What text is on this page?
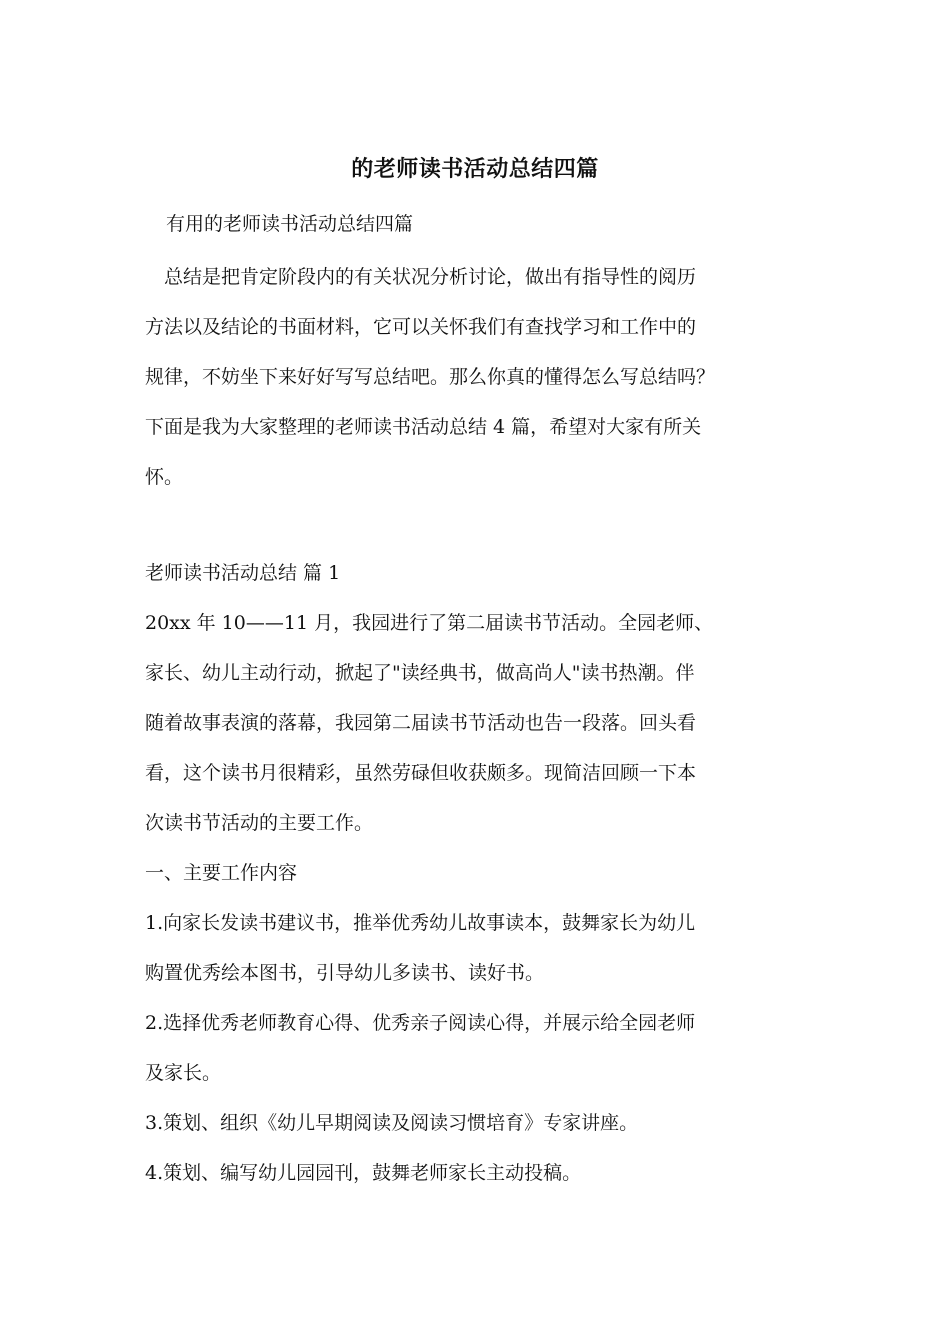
的老师读书活动总结四篇
有用的老师读书活动总结四篇
　总结是把肯定阶段内的有关状况分析讨论，做出有指导性的阅历
方法以及结论的书面材料，它可以关怀我们有查找学习和工作中的
规律，不妨坐下来好好写写总结吧。那么你真的懂得怎么写总结吗？
下面是我为大家整理的老师读书活动总结 4 篇，希望对大家有所关
怀。
老师读书活动总结 篇 1
20xx 年 10——11 月，我园进行了第二届读书节活动。全园老师、
家长、幼儿主动行动，掀起了"读经典书，做高尚人"读书热潮。伴
随着故事表演的落幕，我园第二届读书节活动也告一段落。回头看
看，这个读书月很精彩，虽然劳碌但收获颇多。现简洁回顾一下本
次读书节活动的主要工作。
一、主要工作内容
1.向家长发读书建议书，推举优秀幼儿故事读本，鼓舞家长为幼儿
购置优秀绘本图书，引导幼儿多读书、读好书。
2.选择优秀老师教育心得、优秀亲子阅读心得，并展示给全园老师
及家长。
3.策划、组织《幼儿早期阅读及阅读习惯培育》专家讲座。
4.策划、编写幼儿园园刊，鼓舞老师家长主动投稿。
